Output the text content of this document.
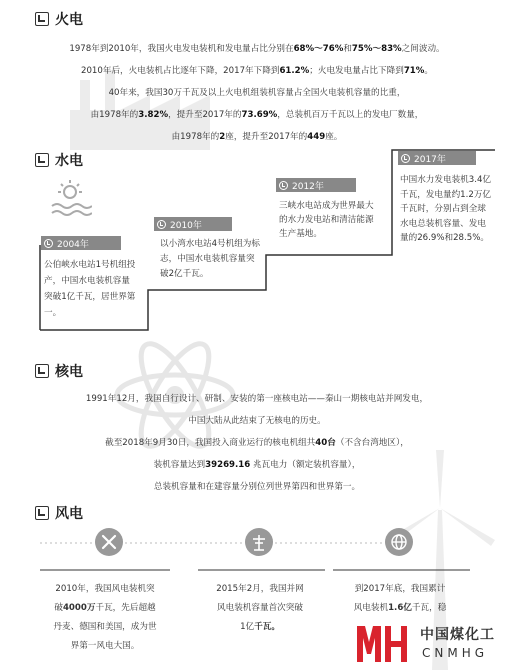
火电
1978年到2010年，我国火电发电装机和发电量占比分别在68%～76%和75%～83%之间波动。
2010年后，火电装机占比逐年下降，2017年下降到61.2%；火电发电量占比下降到71%。
40年来，我国30万千瓦及以上火电机组装机容量占全国火电装机容量的比重，
由1978年的3.82%，提升至2017年的73.69%，总装机百万千瓦以上的发电厂数量，
由1978年的2座，提升至2017年的449座。
水电
2004年
公伯峡水电站1号机组投产，中国水电装机容量突破1亿千瓦，居世界第一。
2010年
以小湾水电站4号机组为标志，中国水电装机容量突破2亿千瓦。
2012年
三峡水电站成为世界最大的水力发电站和清洁能源生产基地。
2017年
中国水力发电装机3.4亿千瓦，发电量约1.2万亿千瓦时，分别占到全球水电总装机容量、发电量的26.9%和28.5%。
核电
1991年12月，我国自行设计、研制、安装的第一座核电站——秦山一期核电站并网发电，
中国大陆从此结束了无核电的历史。
截至2018年9月30日，我国投入商业运行的核电机组共40台（不含台湾地区），
装机容量达到39269.16 兆瓦电力（额定装机容量），
总装机容量和在建容量分别位列世界第四和世界第一。
风电
2010年，我国风电装机突
破4000万千瓦，先后超越
丹麦、德国和美国，成为世
界第一风电大国。
2015年2月，我国并网
风电装机容量首次突破
1亿千瓦。
到2017年底，我国累计
风电装机1.6亿千瓦，稳
中国煤化工
CNMHG
